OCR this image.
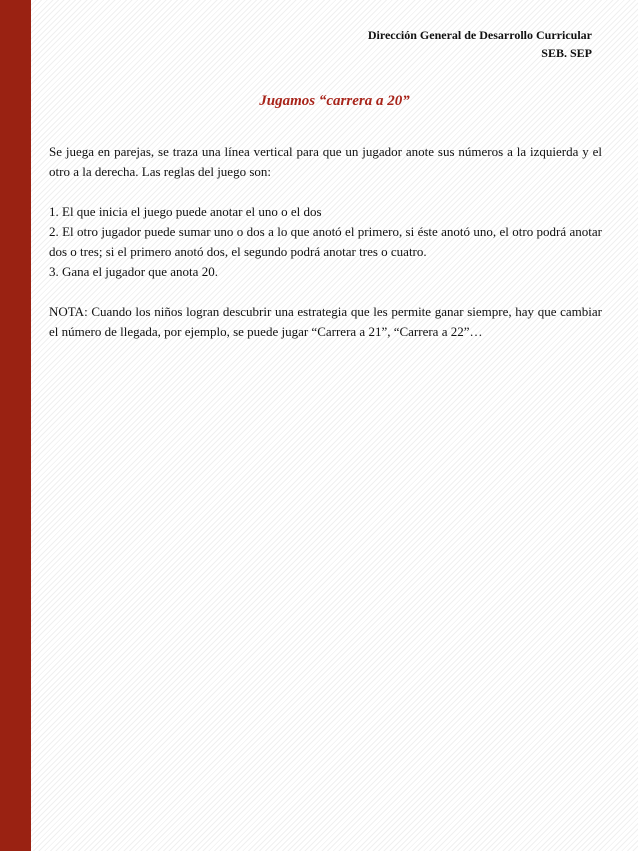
Dirección General de Desarrollo Curricular
SEB. SEP
Jugamos “carrera a 20”

Se juega en parejas, se traza una línea vertical para que un jugador anote sus números a la izquierda y el otro a la derecha. Las reglas del juego son:

1. El que inicia el juego puede anotar el uno o el dos

2. El otro jugador puede sumar uno o dos a lo que anotó el primero, si éste anotó uno, el otro podrá anotar dos o tres; si el primero anotó dos, el segundo podrá anotar tres o cuatro.

3. Gana el jugador que anota 20.

NOTA: Cuando los niños logran descubrir una estrategia que les permite ganar siempre, hay que cambiar el número de llegada, por ejemplo, se puede jugar “Carrera a 21”, “Carrera a 22”…
